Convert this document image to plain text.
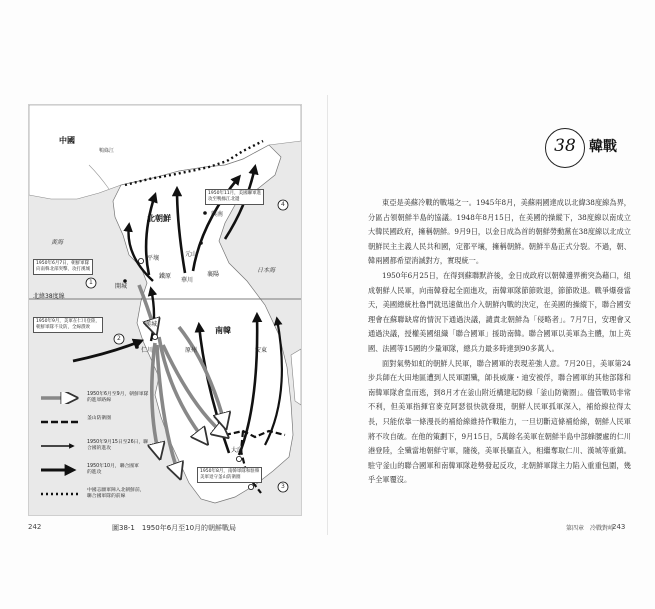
中國
鴨綠江
北朝鮮
南韓
黃海
日本海
北緯38度線
平壤
興南
元山
開城
鐵原
華川
襄陽
漢城
仁川	原州	安東
大邱
1
2
3
4
1950年6月7日，朝鮮軍隊
向南韓北部突擊，攻打漢城
1950年9月，美軍在仁川登陸，
朝鮮軍隊不及防，全線潰敗
1950年11月，美國聯軍進
攻至鴨綠江北邊
1950年8月，南韓軍隊和駐韓
美軍退守釜山防衛圈
1950年6月至9月，朝鮮軍隊
的進軍路線
釜山防衛圈
1950年9月15日至26日，聯
合國的進攻
1950年10月，聯合國軍
的進攻
中國志願軍陣入北朝鮮前，
聯合國軍隊的前線
242	圖38-1　1950年6月至10月的朝鮮戰局
38 韓戰

東亞是美蘇冷戰的戰場之一。1945年8月，美蘇兩國達成以北緯38度線為界，分區占領朝鮮半島的協議。1948年8月15日，在美國的操縱下，38度線以南成立大韓民國政府，擁稱朝鮮。9月9日，以金日成為首的朝鮮勞動黨在38度線以北成立朝鮮民主主義人民共和國，定都平壤，擁稱朝鮮。朝鮮半島正式分裂。不過，朝、韓兩國都希望消滅對方，實現統一。

1950年6月25日，在得到蘇聯默許後，金日成政府以朝韓邊界衝突為藉口，組成朝鮮人民軍，向南韓發起全面進攻，南韓軍隊節節敗退，節節敗退。戰爭爆發當天，美國總統杜魯門就迅速做出介入朝鮮內戰的決定，在美國的操縱下，聯合國安理會在蘇聯缺席的情況下通過決議，譴責北朝鮮為「侵略者」。7月7日，安理會又通過決議，授權美國組織「聯合國軍」援助南韓。聯合國軍以美軍為主體，加上英國、法國等15國的少量軍隊，總兵力最多時達到90多萬人。

面對氣勢如虹的朝鮮人民軍，聯合國軍的表現差強人意。7月20日，美軍第24步兵師在大田地區遭到人民軍圍殲，師長威廉・迪安被俘，聯合國軍的其他部隊和南韓軍隊倉皇而逃，到8月才在釜山附近構建起防線「釜山防衛圈」。儘管戰局非常不利，但美軍指揮官麥克阿瑟很快就發現，朝鮮人民軍孤軍深入，補給線拉得太長，只能依靠一條漫長的補給線維持作戰能力，一旦切斷這條補給線，朝鮮人民軍將不攻自破。在他的策劃下，9月15日，5萬餘名美軍在朝鮮半島中部蜂腰處的仁川港登陸，全殲當地朝鮮守軍，隨後，美軍長驅直入，相繼奪取仁川、漢城等重鎮。駐守釜山的聯合國軍和南韓軍隊趁勢發起反攻，北朝鮮軍隊主力陷入重重包圍，幾乎全軍覆沒。

第四章　冷戰對峙
243
